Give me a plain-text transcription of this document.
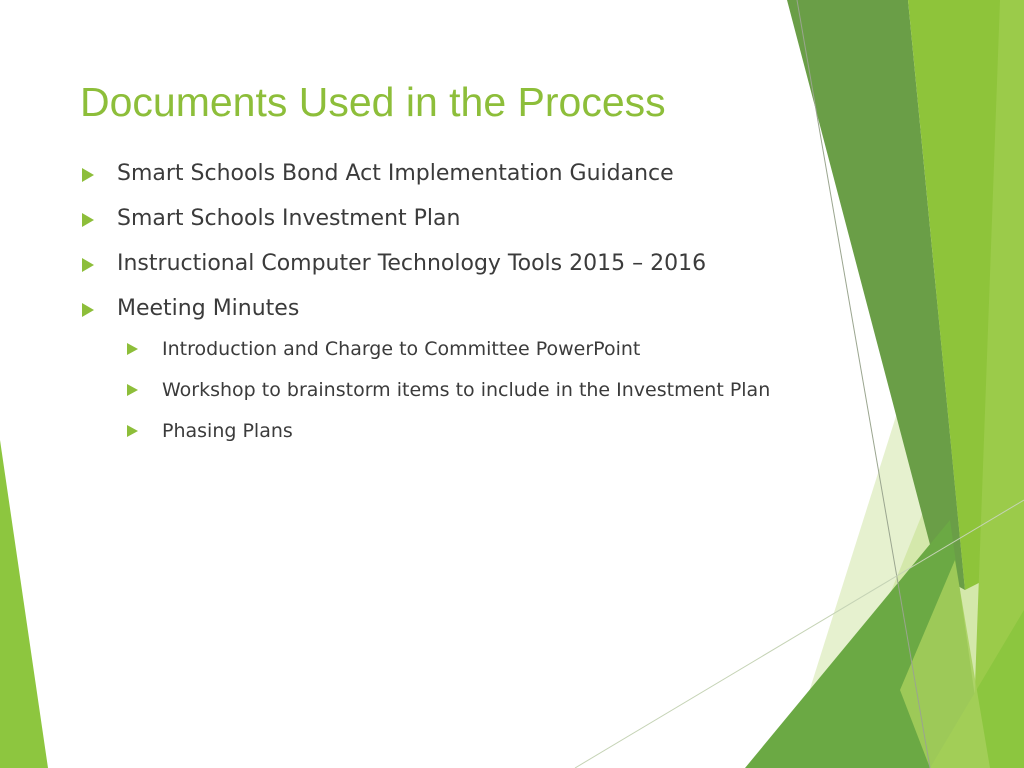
Documents Used in the Process
Smart Schools Bond Act Implementation Guidance
Smart Schools Investment Plan
Instructional Computer Technology Tools 2015 – 2016
Meeting Minutes
Introduction and Charge to Committee PowerPoint
Workshop to brainstorm items to include in the Investment Plan
Phasing Plans
